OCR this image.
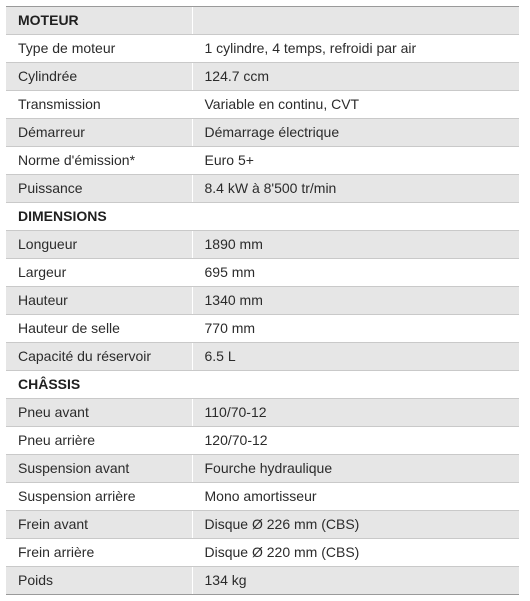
MOTEUR	
Type de moteur	1 cylindre, 4 temps, refroidi par air
Cylindrée	124.7 ccm
Transmission	Variable en continu, CVT
Démarreur	Démarrage électrique
Norme d'émission*	Euro 5+
Puissance	8.4 kW à 8'500 tr/min
DIMENSIONS	
Longueur	1890 mm
Largeur	695 mm
Hauteur	1340 mm
Hauteur de selle	770 mm
Capacité du réservoir	6.5 L
CHÂSSIS	
Pneu avant	110/70-12
Pneu arrière	120/70-12
Suspension avant	Fourche hydraulique
Suspension arrière	Mono amortisseur
Frein avant	Disque Ø 226 mm (CBS)
Frein arrière	Disque Ø 220 mm (CBS)
Poids	134 kg
